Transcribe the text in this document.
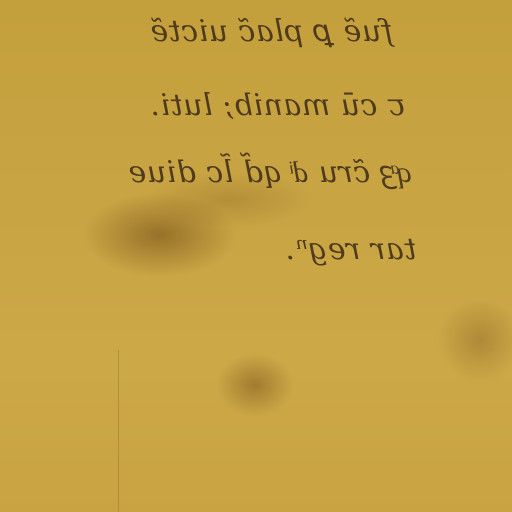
fuẽ ꝑ plac̃ uictẽ
ꞇ cū manib; luti.
qͣꝫ c̃ru dͥ qd̃ l̃c diue
tar regⁿ.
